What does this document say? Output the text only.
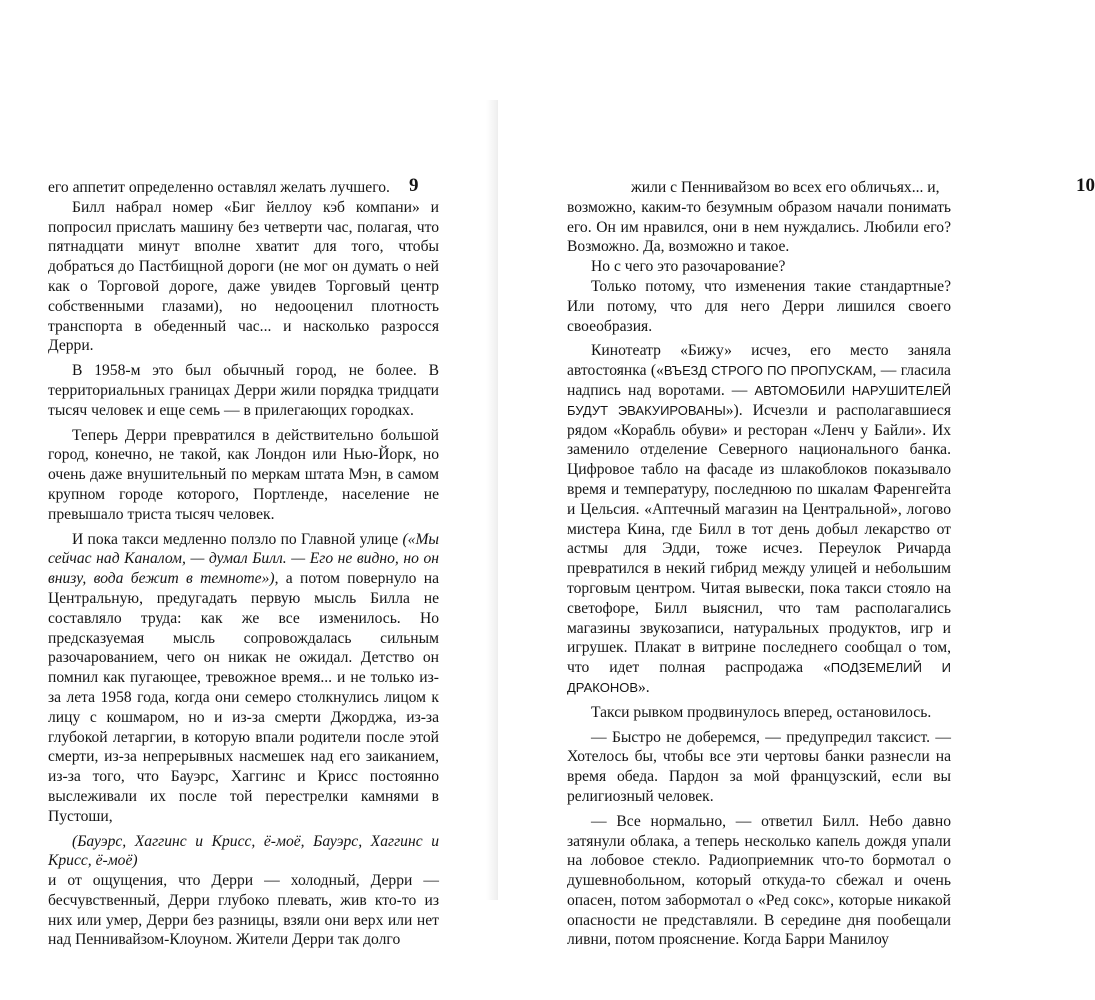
9

его аппетит определенно оставлял желать лучшего.

Билл набрал номер «Биг йеллоу кэб компани» и попросил прислать машину без четверти час, полагая, что пятнадцати минут вполне хватит для того, чтобы добраться до Пастбищной дороги (не мог он думать о ней как о Торговой дороге, даже увидев Торговый центр собственными глазами), но недооценил плотность транспорта в обеденный час... и насколько разросся Дерри.

В 1958-м это был обычный город, не более. В территориальных границах Дерри жили порядка тридцати тысяч человек и еще семь — в прилегающих городках.

Теперь Дерри превратился в действительно большой город, конечно, не такой, как Лондон или Нью-Йорк, но очень даже внушительный по меркам штата Мэн, в самом крупном городе которого, Портленде, население не превышало триста тысяч человек.

И пока такси медленно ползло по Главной улице («Мы сейчас над Каналом, — думал Билл. — Его не видно, но он внизу, вода бежит в темноте»), а потом повернуло на Центральную, предугадать первую мысль Билла не составляло труда: как же все изменилось. Но предсказуемая мысль сопровождалась сильным разочарованием, чего он никак не ожидал. Детство он помнил как пугающее, тревожное время... и не только из-за лета 1958 года, когда они семеро столкнулись лицом к лицу с кошмаром, но и из-за смерти Джорджа, из-за глубокой летаргии, в которую впали родители после этой смерти, из-за непрерывных насмешек над его заиканием, из-за того, что Бауэрс, Хаггинс и Крисс постоянно выслеживали их после той перестрелки камнями в Пустоши,

(Бауэрс, Хаггинс и Крисс, ё-моё, Бауэрс, Хаггинс и Крисс, ё-моё)

и от ощущения, что Дерри — холодный, Дерри — бесчувственный, Дерри глубоко плевать, жив кто-то из них или умер, Дерри без разницы, взяли они верх или нет над Пеннивайзом-Клоуном. Жители Дерри так долго

10

жили с Пеннивайзом во всех его обличьях... и,

возможно, каким-то безумным образом начали понимать его. Он им нравился, они в нем нуждались. Любили его? Возможно. Да, возможно и такое.

Но с чего это разочарование?

Только потому, что изменения такие стандартные? Или потому, что для него Дерри лишился своего своеобразия.

Кинотеатр «Бижу» исчез, его место заняла автостоянка («ВЪЕЗД СТРОГО ПО ПРОПУСКАМ, — гласила надпись над воротами. — АВТОМОБИЛИ НАРУШИТЕЛЕЙ БУДУТ ЭВАКУИРОВАНЫ»). Исчезли и располагавшиеся рядом «Корабль обуви» и ресторан «Ленч у Байли». Их заменило отделение Северного национального банка. Цифровое табло на фасаде из шлакоблоков показывало время и температуру, последнюю по шкалам Фаренгейта и Цельсия. «Аптечный магазин на Центральной», логово мистера Кина, где Билл в тот день добыл лекарство от астмы для Эдди, тоже исчез. Переулок Ричарда превратился в некий гибрид между улицей и небольшим торговым центром. Читая вывески, пока такси стояло на светофоре, Билл выяснил, что там располагались магазины звукозаписи, натуральных продуктов, игр и игрушек. Плакат в витрине последнего сообщал о том, что идет полная распродажа «ПОДЗЕМЕЛИЙ И ДРАКОНОВ».

Такси рывком продвинулось вперед, остановилось.

— Быстро не доберемся, — предупредил таксист. — Хотелось бы, чтобы все эти чертовы банки разнесли на время обеда. Пардон за мой французский, если вы религиозный человек.

— Все нормально, — ответил Билл. Небо давно затянули облака, а теперь несколько капель дождя упали на лобовое стекло. Радиоприемник что-то бормотал о душевнобольном, который откуда-то сбежал и очень опасен, потом забормотал о «Ред сокс», которые никакой опасности не представляли. В середине дня пообещали ливни, потом прояснение. Когда Барри Манилоу
